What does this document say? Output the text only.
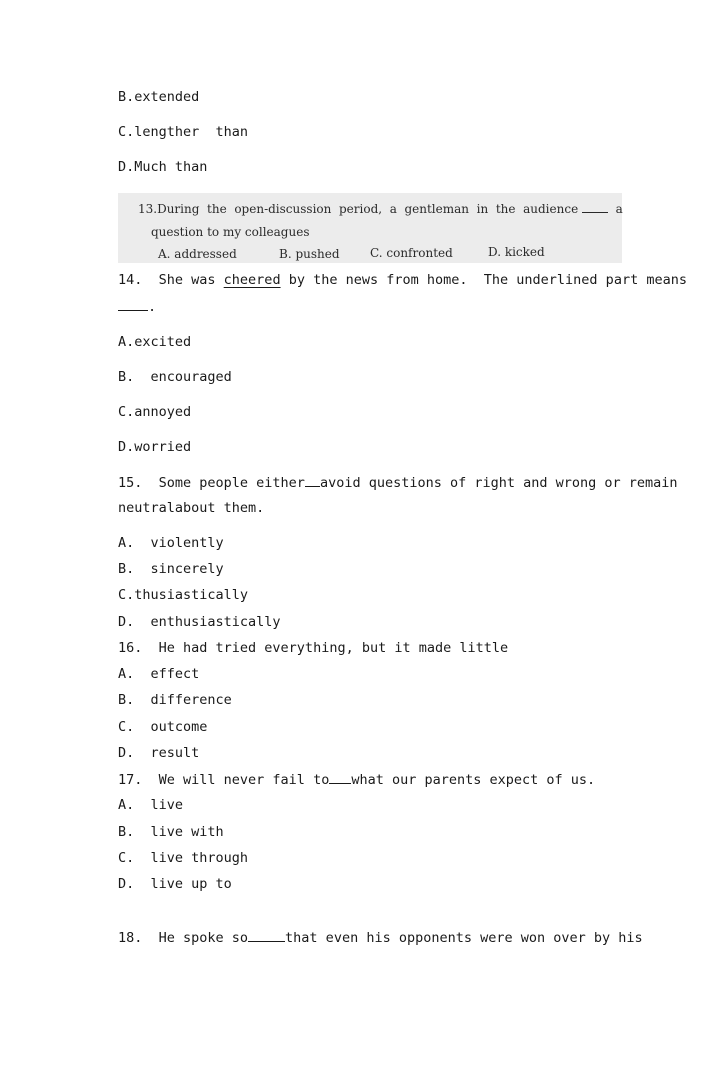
B.extended

C.lengther  than

D.Much than

13.During  the  open-discussion  period,  a  gentleman  in  the  audience	a
question to my colleagues
A. addressed	B. pushed	C. confronted	D. kicked

14.  She was cheered by the news from home.  The underlined part means

.

A.excited

B.  encouraged

C.annoyed

D.worried

15.  Some people either avoid questions of right and wrong or remain

neutralabout them.

A.  violently

B.  sincerely

C.thusiastically

D.  enthusiastically

16.  He had tried everything, but it made little

A.  effect

B.  difference

C.  outcome

D.  result

17.  We will never fail to what our parents expect of us.

A.  live

B.  live with

C.  live through

D.  live up to

18.  He spoke so	that even his opponents were won over by his
